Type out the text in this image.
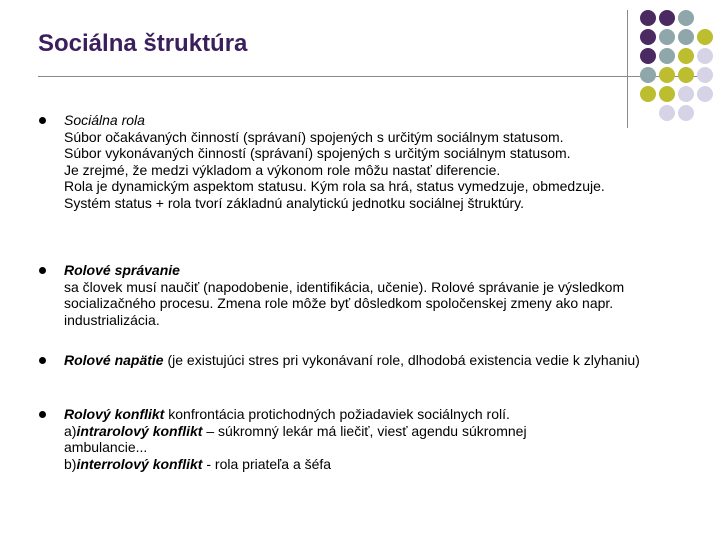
Sociálna štruktúra
Sociálna rola
Súbor očakávaných činností (správaní) spojených s určitým sociálnym statusom.
Súbor vykonávaných činností (správaní) spojených s určitým sociálnym statusom.
Je zrejmé, že medzi výkladom a výkonom role môžu nastať diferencie.
Rola je dynamickým aspektom statusu. Kým rola sa hrá, status vymedzuje, obmedzuje.
Systém status + rola tvorí základnú analytickú jednotku sociálnej štruktúry.
Rolové správanie
sa človek musí naučiť (napodobenie, identifikácia, učenie). Rolové správanie je výsledkom socializačného procesu. Zmena role môže byť dôsledkom spoločenskej zmeny ako napr. industrializácia.
Rolové napätie (je existujúci stres pri vykonávaní role, dlhodobá existencia vedie k zlyhaniu)
Rolový konflikt konfrontácia protichodných požiadaviek sociálnych rolí.
a)intrarolový konflikt – súkromný lekár má liečiť, viesť agendu súkromnej ambulancie...
b)interrolový konflikt - rola priateľa a šéfa
